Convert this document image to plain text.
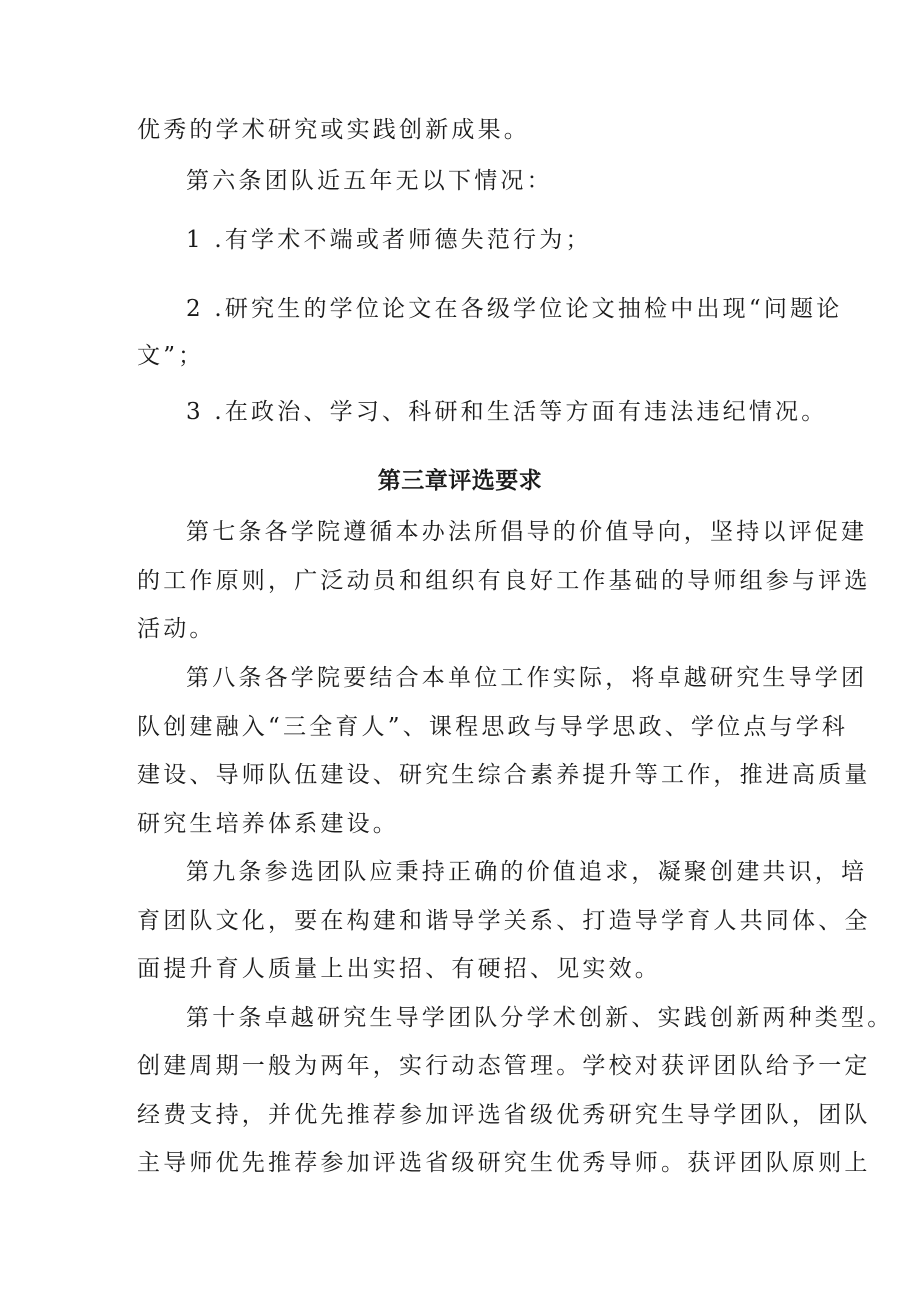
优秀的学术研究或实践创新成果。
第六条团队近五年无以下情况：
1 .有学术不端或者师德失范行为；
2 .研究生的学位论文在各级学位论文抽检中出现“问题论
文”；
3 .在政治、学习、科研和生活等方面有违法违纪情况。
第三章评选要求
第七条各学院遵循本办法所倡导的价值导向，坚持以评促建
的工作原则，广泛动员和组织有良好工作基础的导师组参与评选
活动。
第八条各学院要结合本单位工作实际，将卓越研究生导学团
队创建融入“三全育人”、课程思政与导学思政、学位点与学科
建设、导师队伍建设、研究生综合素养提升等工作，推进高质量
研究生培养体系建设。
第九条参选团队应秉持正确的价值追求，凝聚创建共识，培
育团队文化，要在构建和谐导学关系、打造导学育人共同体、全
面提升育人质量上出实招、有硬招、见实效。
第十条卓越研究生导学团队分学术创新、实践创新两种类型。
创建周期一般为两年，实行动态管理。学校对获评团队给予一定
经费支持，并优先推荐参加评选省级优秀研究生导学团队，团队
主导师优先推荐参加评选省级研究生优秀导师。获评团队原则上
